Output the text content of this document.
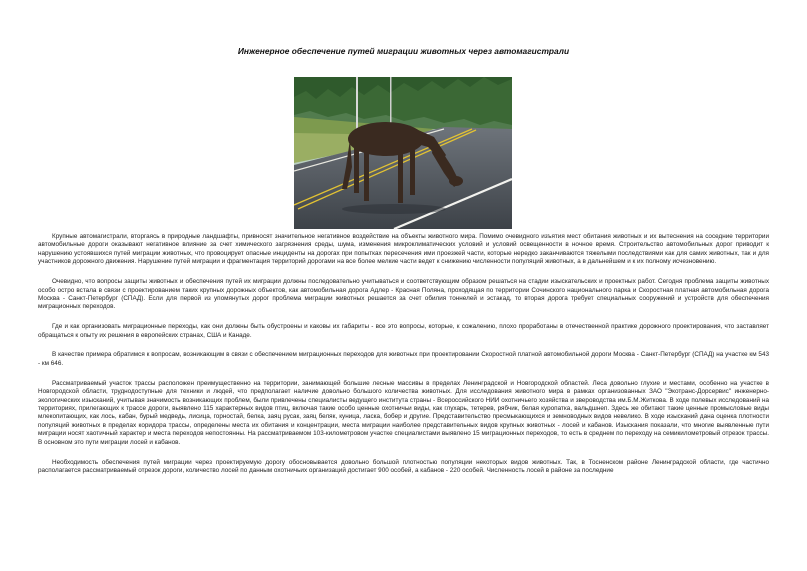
Инженерное обеспечение путей миграции животных через автомагистрали

Крупные автомагистрали, вторгаясь в природные ландшафты, привносят значительное негативное воздействие на объекты животного мира. Помимо очевидного изъятия мест обитания животных и их вытеснения на соседние территории автомобильные дороги оказывают негативное влияние за счет химического загрязнения среды, шума, изменения микроклиматических условий и условий освещенности в ночное время. Строительство автомобильных дорог приводит к нарушению устоявшихся путей миграции животных, что провоцирует опасные инциденты на дорогах при попытках пересечения ими проезжей части, которые нередко заканчиваются тяжелыми последствиями как для самих животных, так и для участников дорожного движения. Нарушение путей миграции и фрагментация территорий дорогами на все более мелкие части ведет к снижению численности популяций животных, а в дальнейшем и к их полному исчезновению.

Очевидно, что вопросы защиты животных и обеспечения путей их миграции должны последовательно учитываться и соответствующим образом решаться на стадии изыскательских и проектных работ. Сегодня проблема защиты животных особо остро встала в связи с проектированием таких крупных дорожных объектов, как автомобильная дорога Адлер - Красная Поляна, проходящая по территории Сочинского национального парка и Скоростная платная автомобильная дорога Москва - Санкт-Петербург (СПАД). Если для первой из упомянутых дорог проблема миграции животных решается за счет обилия тоннелей и эстакад, то вторая дорога требует специальных сооружений и устройств для обеспечения миграционных переходов.

Где и как организовать миграционные переходы, как они должны быть обустроены и каковы их габариты - все это вопросы, которые, к сожалению, плохо проработаны в отечественной практике дорожного проектирования, что заставляет обращаться к опыту их решения в европейских странах, США и Канаде.

В качестве примера обратимся к вопросам, возникающим в связи с обеспечением миграционных переходов для животных при проектировании Скоростной платной автомобильной дороги Москва - Санкт-Петербург (СПАД) на участке км 543 - км 646.

Рассматриваемый участок трассы расположен преимущественно на территории, занимающей большие лесные массивы в пределах Ленинградской и Новгородской областей. Леса довольно глухие и местами, особенно на участке в Новгородской области, труднодоступные для техники и людей, что предполагает наличие довольно большого количества животных. Для исследования животного мира в рамках организованных ЗАО "Экотранс-Дорсервис" инженерно-экологических изысканий, учитывая значимость возникающих проблем, были привлечены специалисты ведущего института страны - Всероссийского НИИ охотничьего хозяйства и звероводства им.Б.М.Житкова. В ходе полевых исследований на территориях, прилегающих к трассе дороги, выявлено 115 характерных видов птиц, включая такие особо ценные охотничьи виды, как глухарь, тетерев, рябчик, белая куропатка, вальдшнеп. Здесь же обитают такие ценные промысловые виды млекопитающих, как лось, кабан, бурый медведь, лисица, горностай, белка, заяц русак, заяц беляк, куница, ласка, бобер и другие. Представительство пресмыкающихся и земноводных видов невелико. В ходе изысканий дана оценка плотности популяций животных в пределах коридора трассы, определены места их обитания и концентрации, места миграции наиболее представительных видов крупных животных - лосей и кабанов. Изыскания показали, что многие выявленные пути миграции носят хаотичный характер и места переходов непостоянны. На рассматриваемом 103-километровом участке специалистами выявлено 15 миграционных переходов, то есть в среднем по переходу на семикилометровый отрезок трассы. В основном это пути миграции лосей и кабанов.

Необходимость обеспечения путей миграции через проектируемую дорогу обосновывается довольно большой плотностью популяции некоторых видов животных. Так, в Тосненском районе Ленинградской области, где частично располагается рассматриваемый отрезок дороги, количество лосей по данным охотничьих организаций достигает 900 особей, а кабанов - 220 особей. Численность лосей в районе за последние
